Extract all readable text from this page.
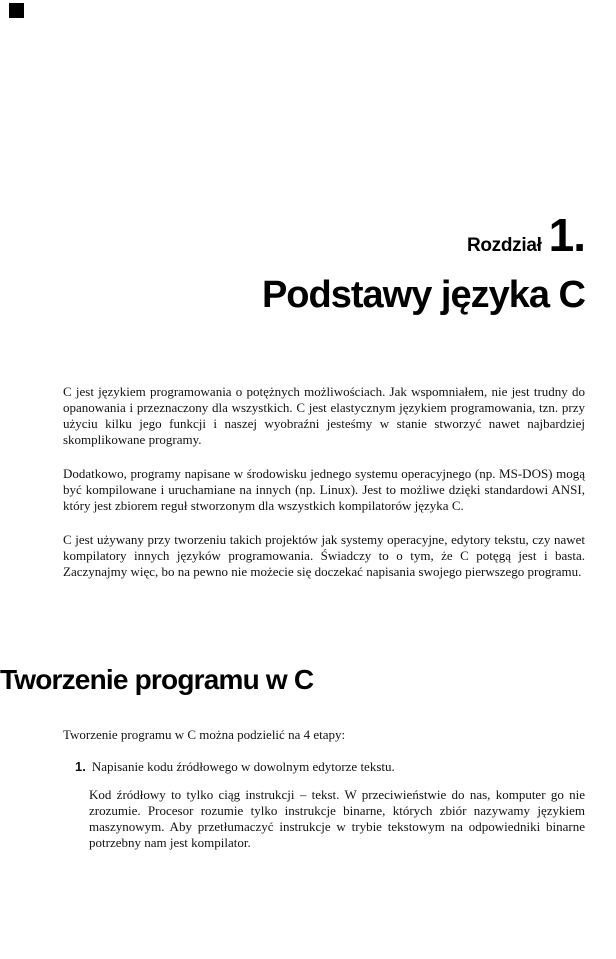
Rozdział 1.
Podstawy języka C

C jest językiem programowania o potężnych możliwościach. Jak wspomniałem, nie jest trudny do opanowania i przeznaczony dla wszystkich. C jest elastycznym językiem programowania, tzn. przy użyciu kilku jego funkcji i naszej wyobraźni jesteśmy w stanie stworzyć nawet najbardziej skomplikowane programy.

Dodatkowo, programy napisane w środowisku jednego systemu operacyjnego (np. MS-DOS) mogą być kompilowane i uruchamiane na innych (np. Linux). Jest to możliwe dzięki standardowi ANSI, który jest zbiorem reguł stworzonym dla wszystkich kompilatorów języka C.

C jest używany przy tworzeniu takich projektów jak systemy operacyjne, edytory tekstu, czy nawet kompilatory innych języków programowania. Świadczy to o tym, że C potęgą jest i basta. Zaczynajmy więc, bo na pewno nie możecie się doczekać napisania swojego pierwszego programu.

Tworzenie programu w C

Tworzenie programu w C można podzielić na 4 etapy:

1. Napisanie kodu źródłowego w dowolnym edytorze tekstu.

Kod źródłowy to tylko ciąg instrukcji – tekst. W przeciwieństwie do nas, komputer go nie zrozumie. Procesor rozumie tylko instrukcje binarne, których zbiór nazywamy językiem maszynowym. Aby przetłumaczyć instrukcje w trybie tekstowym na odpowiedniki binarne potrzebny nam jest kompilator.
